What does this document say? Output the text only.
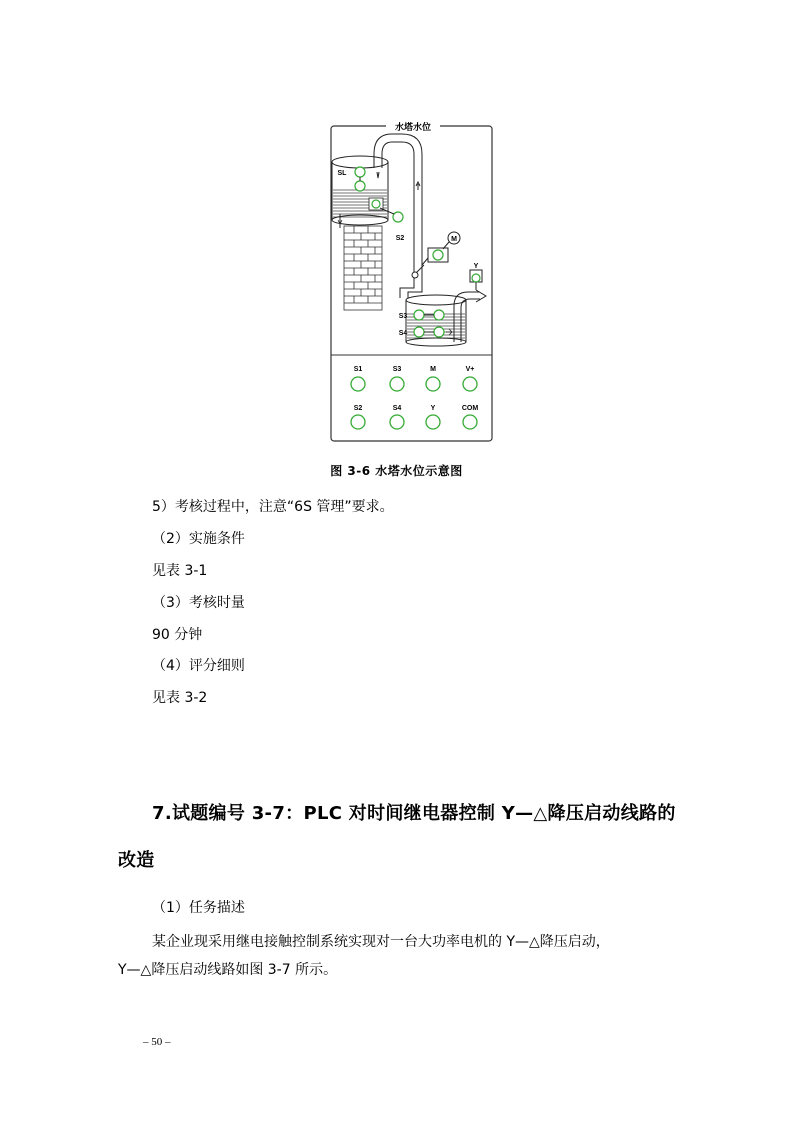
水塔水位
M
Y
SL
S2
S3
S4
S1	S3	M	V+
S2	S4	Y	COM
图 3-6 水塔水位示意图
5）考核过程中，注意“6S 管理”要求。
（2）实施条件
见表 3-1
（3）考核时量
90 分钟
（4）评分细则
见表 3-2
7.试题编号 3-7：PLC 对时间继电器控制 Y—△降压启动线路的
改造
（1）任务描述
某企业现采用继电接触控制系统实现对一台大功率电机的 Y—△降压启动，
Y—△降压启动线路如图 3-7 所示。
– 50 –
